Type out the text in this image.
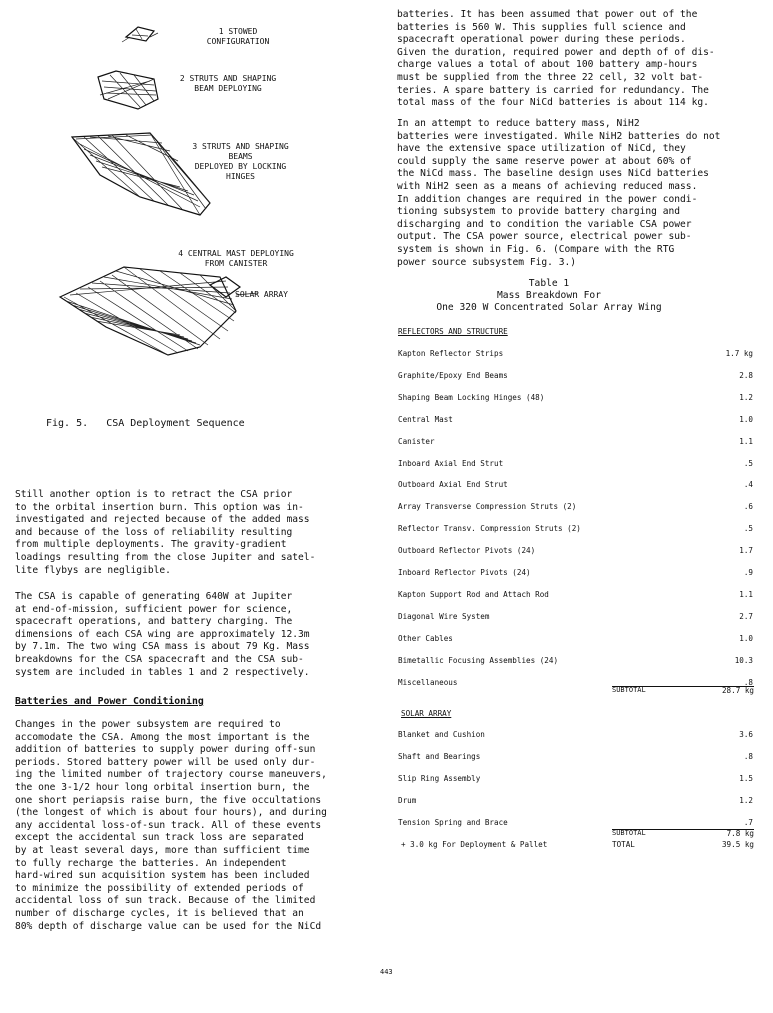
1 STOWED
CONFIGURATION
2 STRUTS AND SHAPING
BEAM DEPLOYING
3 STRUTS AND SHAPING BEAMS
DEPLOYED BY LOCKING
HINGES
4 CENTRAL MAST DEPLOYING
FROM CANISTER
SOLAR ARRAY
Fig. 5.   CSA Deployment Sequence

Still another option is to retract the CSA prior
to the orbital insertion burn. This option was in-
investigated and rejected because of the added mass
and because of the loss of reliability resulting
from multiple deployments. The gravity-gradient
loadings resulting from the close Jupiter and satel-
lite flybys are negligible.

The CSA is capable of generating 640W at Jupiter
at end-of-mission, sufficient power for science,
spacecraft operations, and battery charging. The
dimensions of each CSA wing are approximately 12.3m
by 7.1m. The two wing CSA mass is about 79 Kg. Mass
breakdowns for the CSA spacecraft and the CSA sub-
system are included in tables 1 and 2 respectively.

Batteries and Power Conditioning

Changes in the power subsystem are required to
accomodate the CSA. Among the most important is the
addition of batteries to supply power during off-sun
periods. Stored battery power will be used only dur-
ing the limited number of trajectory course maneuvers,
the one 3-1/2 hour long orbital insertion burn, the
one short periapsis raise burn, the five occultations
(the longest of which is about four hours), and during
any accidental loss-of-sun track. All of these events
except the accidental sun track loss are separated
by at least several days, more than sufficient time
to fully recharge the batteries. An independent
hard-wired sun acquisition system has been included
to minimize the possibility of extended periods of
accidental loss of sun track. Because of the limited
number of discharge cycles, it is believed that an
80% depth of discharge value can be used for the NiCd

batteries. It has been assumed that power out of the
batteries is 560 W. This supplies full science and
spacecraft operational power during these periods.
Given the duration, required power and depth of of dis-
charge values a total of about 100 battery amp-hours
must be supplied from the three 22 cell, 32 volt bat-
teries. A spare battery is carried for redundancy. The
total mass of the four NiCd batteries is about 114 kg.

In an attempt to reduce battery mass, NiH2
batteries were investigated. While NiH2 batteries do not
have the extensive space utilization of NiCd, they
could supply the same reserve power at about 60% of
the NiCd mass. The baseline design uses NiCd batteries
with NiH2 seen as a means of achieving reduced mass.
In addition changes are required in the power condi-
tioning subsystem to provide battery charging and
discharging and to condition the variable CSA power
output. The CSA power source, electrical power sub-
system is shown in Fig. 6. (Compare with the RTG
power source subsystem Fig. 3.)

Table 1
Mass Breakdown For
One 320 W Concentrated Solar Array Wing
REFLECTORS AND STRUCTURE
Kapton Reflector Strips	1.7 kg
Graphite/Epoxy End Beams	2.8
Shaping Beam Locking Hinges (48)	1.2
Central Mast	1.0
Canister	1.1
Inboard Axial End Strut	.5
Outboard Axial End Strut	.4
Array Transverse Compression Struts (2)	.6
Reflector Transv. Compression Struts (2)	.5
Outboard Reflector Pivots (24)	1.7
Inboard Reflector Pivots (24)	.9
Kapton Support Rod and Attach Rod	1.1
Diagonal Wire System	2.7
Other Cables	1.0
Bimetallic Focusing Assemblies (24)	10.3
Miscellaneous	.8
SUBTOTAL	28.7 kg
SOLAR ARRAY
Blanket and Cushion	3.6
Shaft and Bearings	.8
Slip Ring Assembly	1.5
Drum	1.2
Tension Spring and Brace	.7
SUBTOTAL	7.8 kg
+ 3.0 kg For Deployment & Pallet	TOTAL	39.5 kg
443
